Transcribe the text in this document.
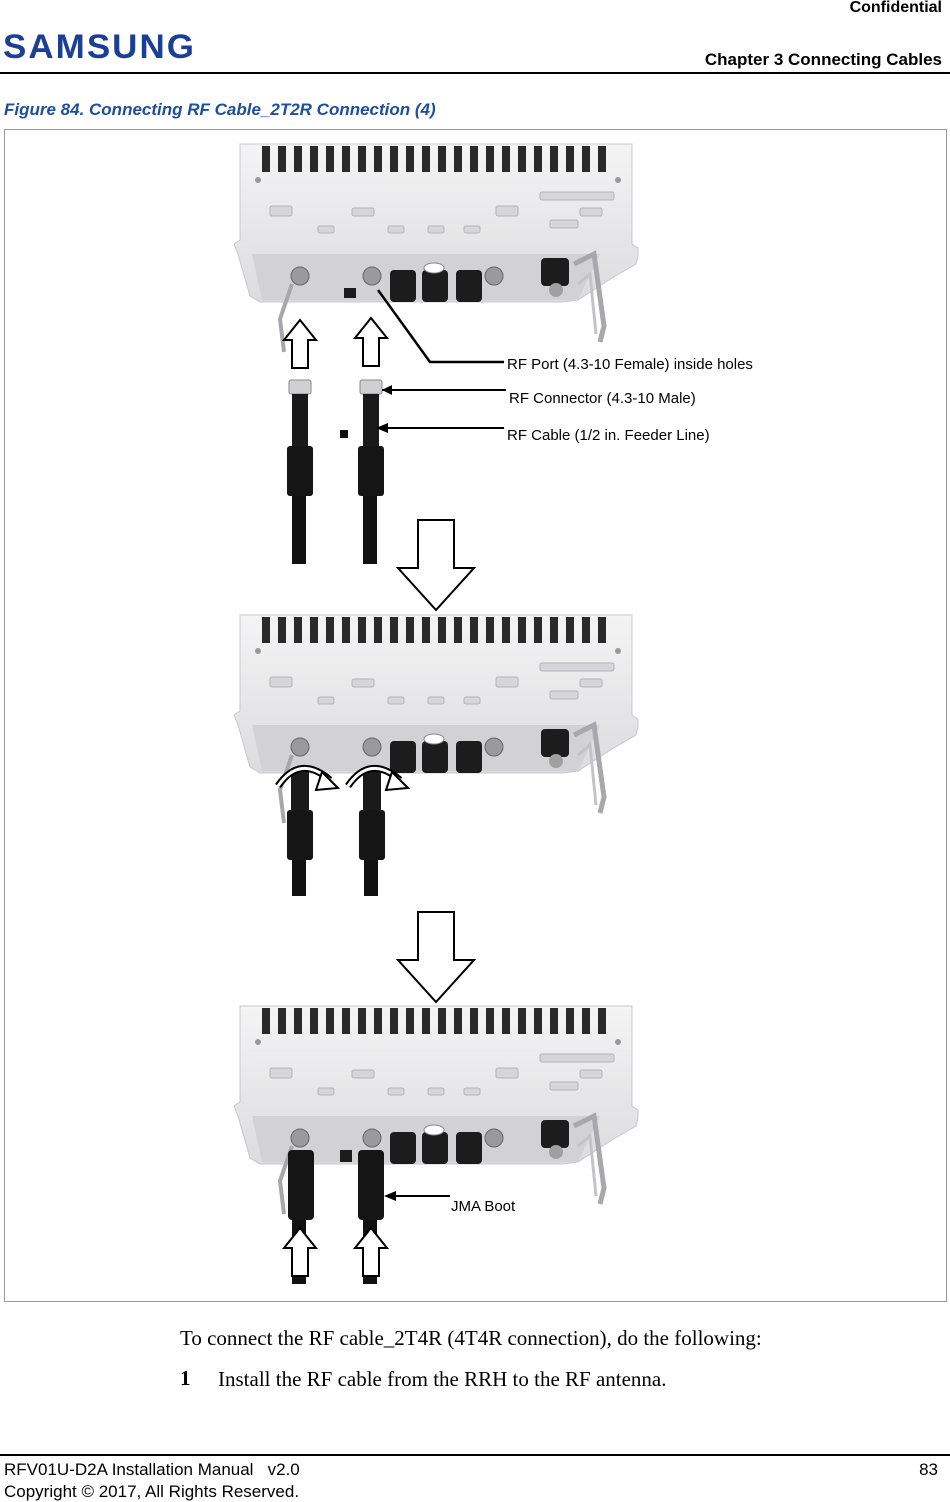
Confidential
SAMSUNG	Chapter 3 Connecting Cables
Figure 84. Connecting RF Cable_2T2R Connection (4)
RF Port (4.3-10 Female) inside holes
RF Connector (4.3-10 Male)
RF Cable (1/2 in. Feeder Line)
JMA Boot
To connect the RF cable_2T4R (4T4R connection), do the following:
1 Install the RF cable from the RRH to the RF antenna.
RFV01U-D2A Installation Manual   v2.0
Copyright © 2017, All Rights Reserved.
83
